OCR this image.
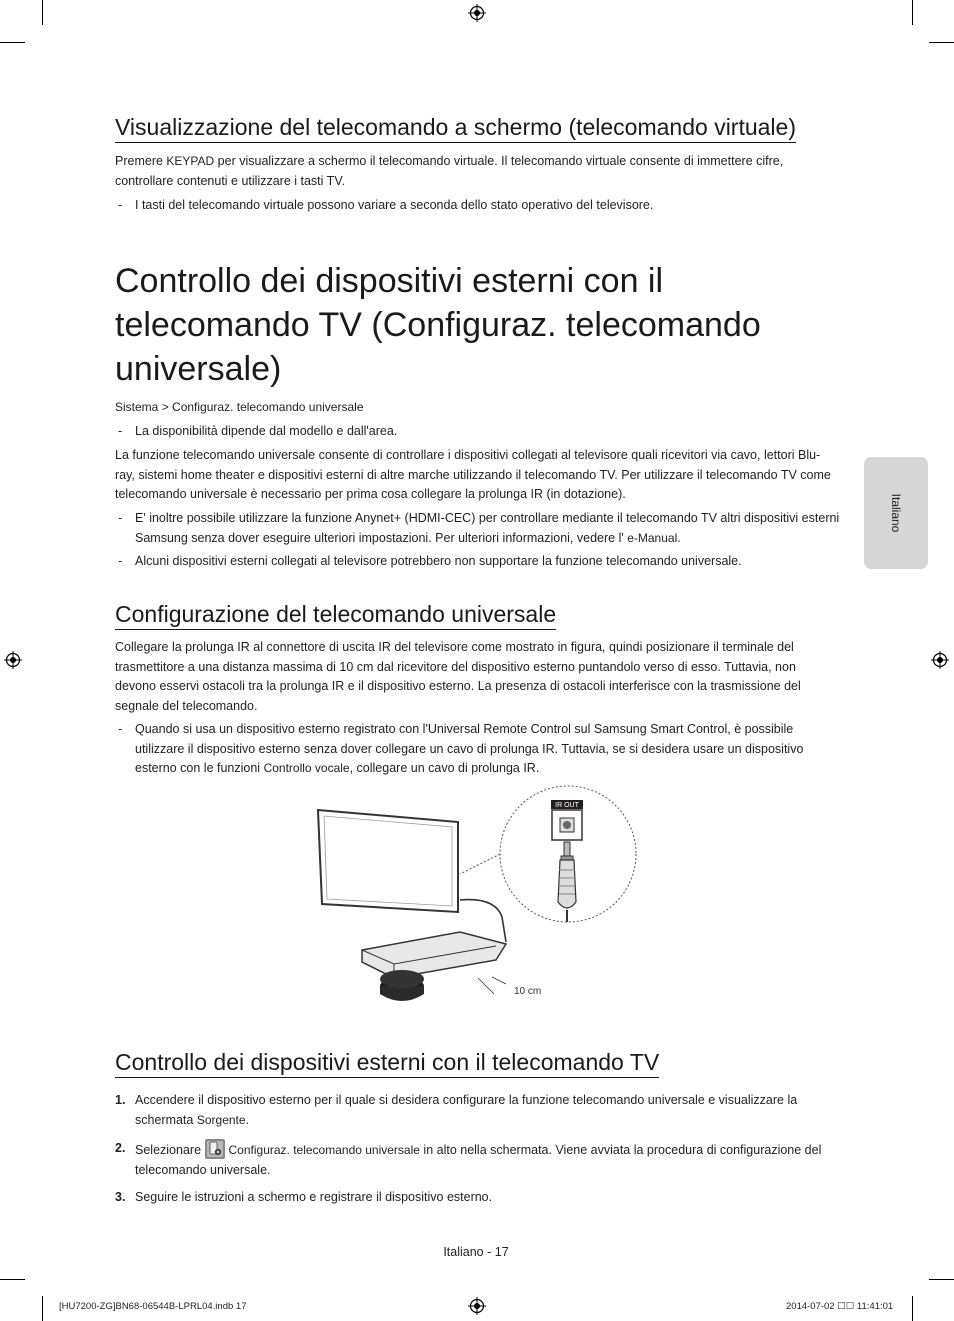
Visualizzazione del telecomando a schermo (telecomando virtuale)
Premere KEYPAD per visualizzare a schermo il telecomando virtuale. Il telecomando virtuale consente di immettere cifre, controllare contenuti e utilizzare i tasti TV.
- I tasti del telecomando virtuale possono variare a seconda dello stato operativo del televisore.
Controllo dei dispositivi esterni con il telecomando TV (Configuraz. telecomando universale)
Sistema > Configuraz. telecomando universale
- La disponibilità dipende dal modello e dall'area.
La funzione telecomando universale consente di controllare i dispositivi collegati al televisore quali ricevitori via cavo, lettori Blu-ray, sistemi home theater e dispositivi esterni di altre marche utilizzando il telecomando TV. Per utilizzare il telecomando TV come telecomando universale è necessario per prima cosa collegare la prolunga IR (in dotazione).
- E' inoltre possibile utilizzare la funzione Anynet+ (HDMI-CEC) per controllare mediante il telecomando TV altri dispositivi esterni Samsung senza dover eseguire ulteriori impostazioni. Per ulteriori informazioni, vedere l' e-Manual.
- Alcuni dispositivi esterni collegati al televisore potrebbero non supportare la funzione telecomando universale.
Configurazione del telecomando universale
Collegare la prolunga IR al connettore di uscita IR del televisore come mostrato in figura, quindi posizionare il terminale del trasmettitore a una distanza massima di 10 cm dal ricevitore del dispositivo esterno puntandolo verso di esso. Tuttavia, non devono esservi ostacoli tra la prolunga IR e il dispositivo esterno. La presenza di ostacoli interferisce con la trasmissione del segnale del telecomando.
- Quando si usa un dispositivo esterno registrato con l'Universal Remote Control sul Samsung Smart Control, è possibile utilizzare il dispositivo esterno senza dover collegare un cavo di prolunga IR. Tuttavia, se si desidera usare un dispositivo esterno con le funzioni Controllo vocale, collegare un cavo di prolunga IR.
10 cm
IR OUT
Controllo dei dispositivi esterni con il telecomando TV
1. Accendere il dispositivo esterno per il quale si desidera configurare la funzione telecomando universale e visualizzare la schermata Sorgente.
2. Selezionare Configuraz. telecomando universale in alto nella schermata. Viene avviata la procedura di configurazione del telecomando universale.
3. Seguire le istruzioni a schermo e registrare il dispositivo esterno.
Italiano
Italiano - 17
[HU7200-ZG]BN68-06544B-LPRL04.indb 17	2014-07-02 ☐☐ 11:41:01
